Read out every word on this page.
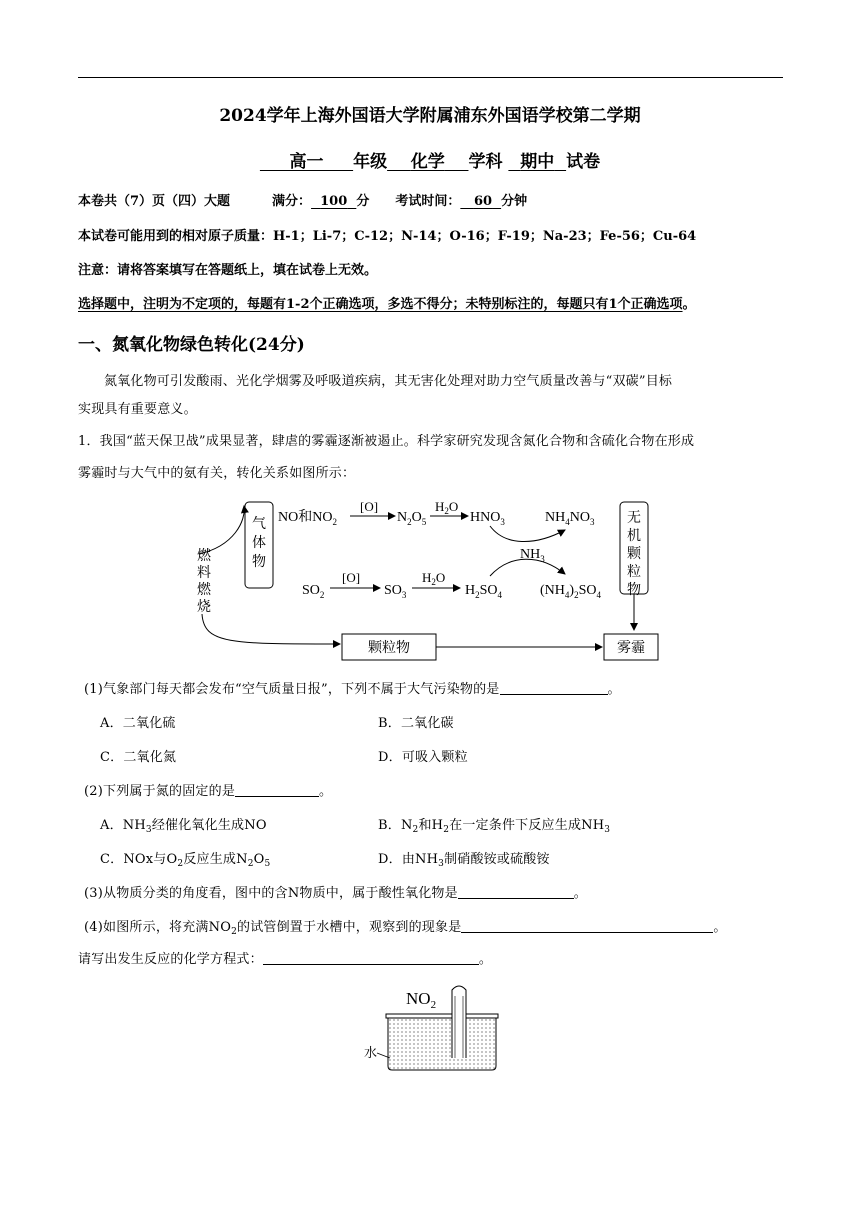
2024学年上海外国语大学附属浦东外国语学校第二学期
高一 年级 化学 学科 期中 试卷
本卷共（7）页（四）大题	满分： 100 分 考试时间： 60 分钟
本试卷可能用到的相对原子质量：H-1；Li-7；C-12；N-14；O-16；F-19；Na-23；Fe-56；Cu-64
注意：请将答案填写在答题纸上，填在试卷上无效。
选择题中，注明为不定项的，每题有1-2个正确选项，多选不得分；未特别标注的，每题只有1个正确选项。
一、氮氧化物绿色转化(24分)
氮氧化物可引发酸雨、光化学烟雾及呼吸道疾病，其无害化处理对助力空气质量改善与“双碳”目标
实现具有重要意义。
1．我国“蓝天保卫战”成果显著，肆虐的雾霾逐渐被遏止。科学家研究发现含氮化合物和含硫化合物在形成
雾霾时与大气中的氨有关，转化关系如图所示：
气
体
物
燃
料
燃
烧
NO和$NO_2$
[O]
$N_2O_5$
$H_2O$
$HNO_3$	$NH_4NO_3$
$NH_3$
$SO_2$
[O]
$SO_3$
$H_2O$
$H_2SO_4$	$(NH_4)_2SO_4$
无
机
颗
粒
物
颗粒物	雾霾
(1)气象部门每天都会发布“空气质量日报”，下列不属于大气污染物的是	。
A．二氧化硫	B．二氧化碳
C．二氧化氮	D．可吸入颗粒
(2)下列属于氮的固定的是	。
A．$NH_3$经催化氧化生成NO	B．$N_2$和$H_2$在一定条件下反应生成$NH_3$
C．NOx与$O_2$反应生成$N_2O_5$	D．由$NH_3$制硝酸铵或硫酸铵
(3)从物质分类的角度看，图中的含N物质中，属于酸性氧化物是	。
(4)如图所示，将充满$NO_2$的试管倒置于水槽中，观察到的现象是	。
请写出发生反应的化学方程式：	。
$NO_2$
水
